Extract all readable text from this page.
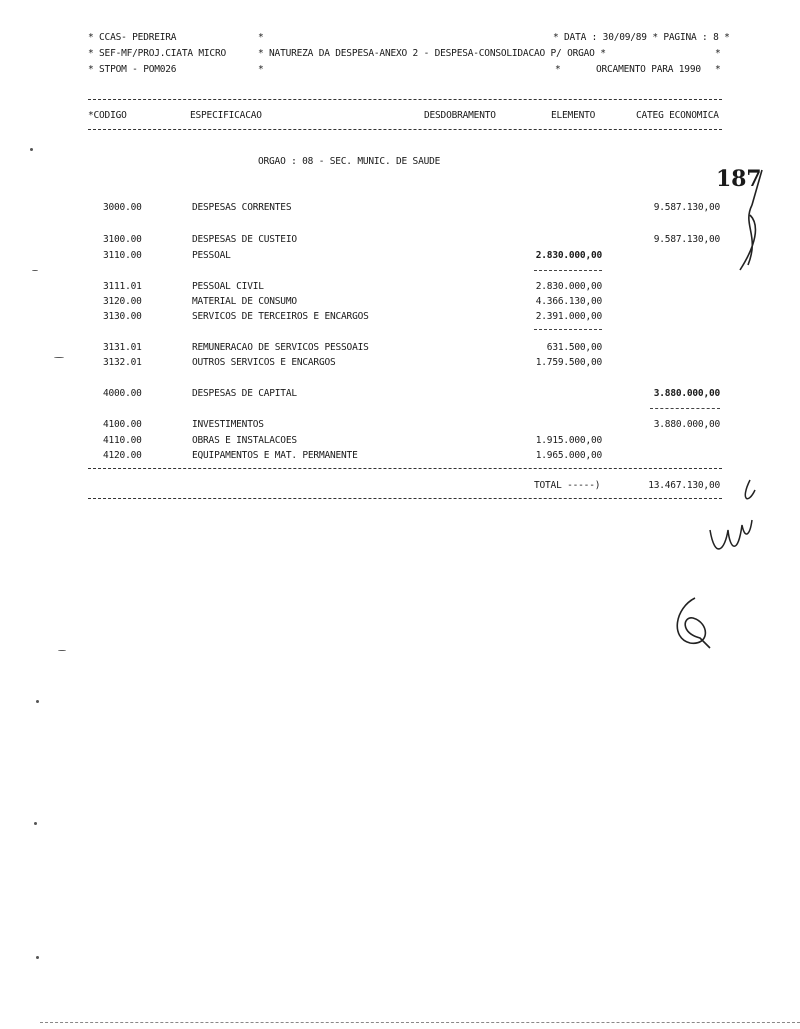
* CCAS- PEDREIRA
* SEF-MF/PROJ.CIATA MICRO
* STPOM - POM026
*
* NATUREZA DA DESPESA-ANEXO 2 - DESPESA-CONSOLIDACAO P/ ORGAO *
*
* DATA : 30/09/89 * PAGINA : 8 *
*
*	ORCAMENTO PARA 1990 *
*CODIGO	ESPECIFICACAO	DESDOBRAMENTO	ELEMENTO	CATEG ECONOMICA
ORGAO : 08 - SEC. MUNIC. DE SAUDE
187
3000.00	DESPESAS CORRENTES	9.587.130,00
3100.00	DESPESAS DE CUSTEIO	9.587.130,00
3110.00	PESSOAL	2.830.000,00
3111.01	PESSOAL CIVIL	2.830.000,00
3120.00	MATERIAL DE CONSUMO	4.366.130,00
3130.00	SERVICOS DE TERCEIROS E ENCARGOS	2.391.000,00
3131.01	REMUNERACAO DE SERVICOS PESSOAIS	631.500,00
3132.01	OUTROS SERVICOS E ENCARGOS	1.759.500,00
4000.00	DESPESAS DE CAPITAL	3.880.000,00
4100.00	INVESTIMENTOS	3.880.000,00
4110.00	OBRAS E INSTALACOES	1.915.000,00
4120.00	EQUIPAMENTOS E MAT. PERMANENTE	1.965.000,00
TOTAL -----)	13.467.130,00
